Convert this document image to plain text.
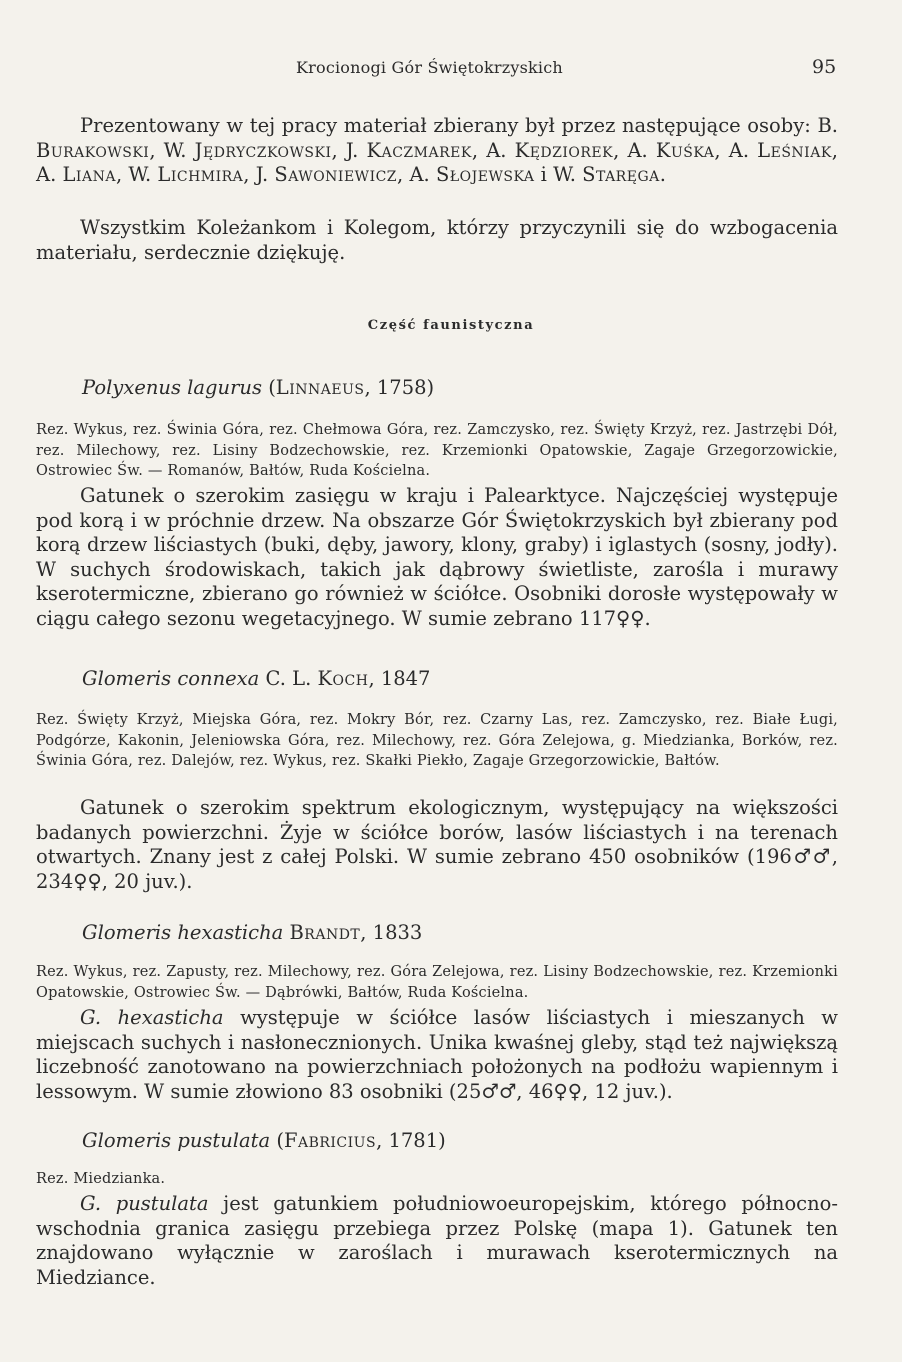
Krocionogi Gór Świętokrzyskich	95

Prezentowany w tej pracy materiał zbierany był przez następujące osoby: B. Burakowski, W. Jędryczkowski, J. Kaczmarek, A. Kędziorek, A. Kuśka, A. Leśniak, A. Liana, W. Lichmira, J. Sawoniewicz, A. Słojewska i W. Staręga.

Wszystkim Koleżankom i Kolegom, którzy przyczynili się do wzbogacenia materiału, serdecznie dziękuję.

Część faunistyczna
Polyxenus lagurus (Linnaeus, 1758)

Rez. Wykus, rez. Świnia Góra, rez. Chełmowa Góra, rez. Zamczysko, rez. Święty Krzyż, rez. Jastrzębi Dół, rez. Milechowy, rez. Lisiny Bodzechowskie, rez. Krzemionki Opatowskie, Zagaje Grzegorzowickie, Ostrowiec Św. — Romanów, Bałtów, Ruda Kościelna.

Gatunek o szerokim zasięgu w kraju i Palearktyce. Najczęściej występuje pod korą i w próchnie drzew. Na obszarze Gór Świętokrzyskich był zbierany pod korą drzew liściastych (buki, dęby, jawory, klony, graby) i iglastych (sosny, jodły). W suchych środowiskach, takich jak dąbrowy świetliste, zarośla i murawy kserotermiczne, zbierano go również w ściółce. Osobniki dorosłe występowały w ciągu całego sezonu wegetacyjnego. W sumie zebrano 117♀♀.

Glomeris connexa C. L. Koch, 1847

Rez. Święty Krzyż, Miejska Góra, rez. Mokry Bór, rez. Czarny Las, rez. Zamczysko, rez. Białe Ługi, Podgórze, Kakonin, Jeleniowska Góra, rez. Milechowy, rez. Góra Zelejowa, g. Miedzianka, Borków, rez. Świnia Góra, rez. Dalejów, rez. Wykus, rez. Skałki Piekło, Zagaje Grzegorzowickie, Bałtów.

Gatunek o szerokim spektrum ekologicznym, występujący na większości badanych powierzchni. Żyje w ściółce borów, lasów liściastych i na terenach otwartych. Znany jest z całej Polski. W sumie zebrano 450 osobników (196♂♂, 234♀♀, 20 juv.).

Glomeris hexasticha Brandt, 1833

Rez. Wykus, rez. Zapusty, rez. Milechowy, rez. Góra Zelejowa, rez. Lisiny Bodzechowskie, rez. Krzemionki Opatowskie, Ostrowiec Św. — Dąbrówki, Bałtów, Ruda Kościelna.

G. hexasticha występuje w ściółce lasów liściastych i mieszanych w miejscach suchych i nasłonecznionych. Unika kwaśnej gleby, stąd też największą liczebność zanotowano na powierzchniach położonych na podłożu wapiennym i lessowym. W sumie złowiono 83 osobniki (25♂♂, 46♀♀, 12 juv.).

Glomeris pustulata (Fabricius, 1781)

Rez. Miedzianka.

G. pustulata jest gatunkiem południowoeuropejskim, którego północno-wschodnia granica zasięgu przebiega przez Polskę (mapa 1). Gatunek ten znajdowano wyłącznie w zaroślach i murawach kserotermicznych na Miedziance.
